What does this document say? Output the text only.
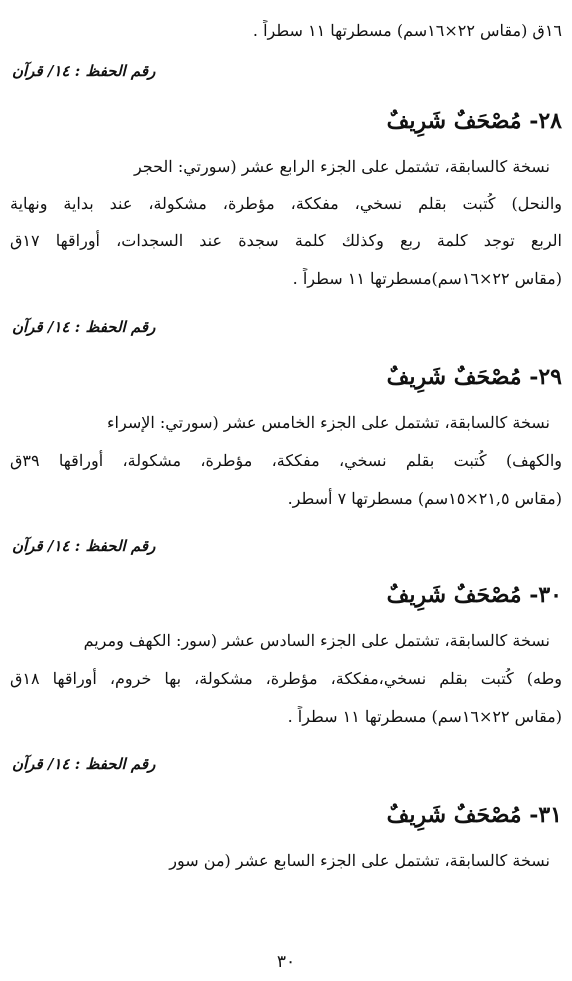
١٦ق (مقاس ٢٢×١٦سم) مسطرتها ١١ سطراً .
رقم الحفظ : ١٤/ قرآن
٢٨- مُصْحَفٌ شَرِيفٌ
نسخة كالسابقة، تشتمل على الجزء الرابع عشر (سورتي: الحجر
والنحل) كُتبت بقلم نسخي، مفككة، مؤطرة، مشكولة، عند بداية ونهاية
الربع توجد كلمة ربع وكذلك كلمة سجدة عند السجدات، أوراقها ١٧ق
(مقاس ٢٢×١٦سم)مسطرتها ١١ سطراً .
رقم الحفظ : ١٤/ قرآن
٢٩- مُصْحَفٌ شَرِيفٌ
نسخة كالسابقة، تشتمل على الجزء الخامس عشر (سورتي: الإسراء
والكهف) كُتبت بقلم نسخي، مفككة، مؤطرة، مشكولة، أوراقها ٣٩ق
(مقاس ٢١,٥×١٥سم) مسطرتها ٧ أسطر.
رقم الحفظ : ١٤/ قرآن
٣٠- مُصْحَفٌ شَرِيفٌ
نسخة كالسابقة، تشتمل على الجزء السادس عشر (سور: الكهف ومريم
وطه) كُتبت بقلم نسخي،مفككة، مؤطرة، مشكولة، بها خروم، أوراقها ١٨ق
(مقاس ٢٢×١٦سم) مسطرتها ١١ سطراً .
رقم الحفظ : ١٤/ قرآن
٣١- مُصْحَفٌ شَرِيفٌ
نسخة كالسابقة، تشتمل على الجزء السابع عشر (من سور
٣٠
